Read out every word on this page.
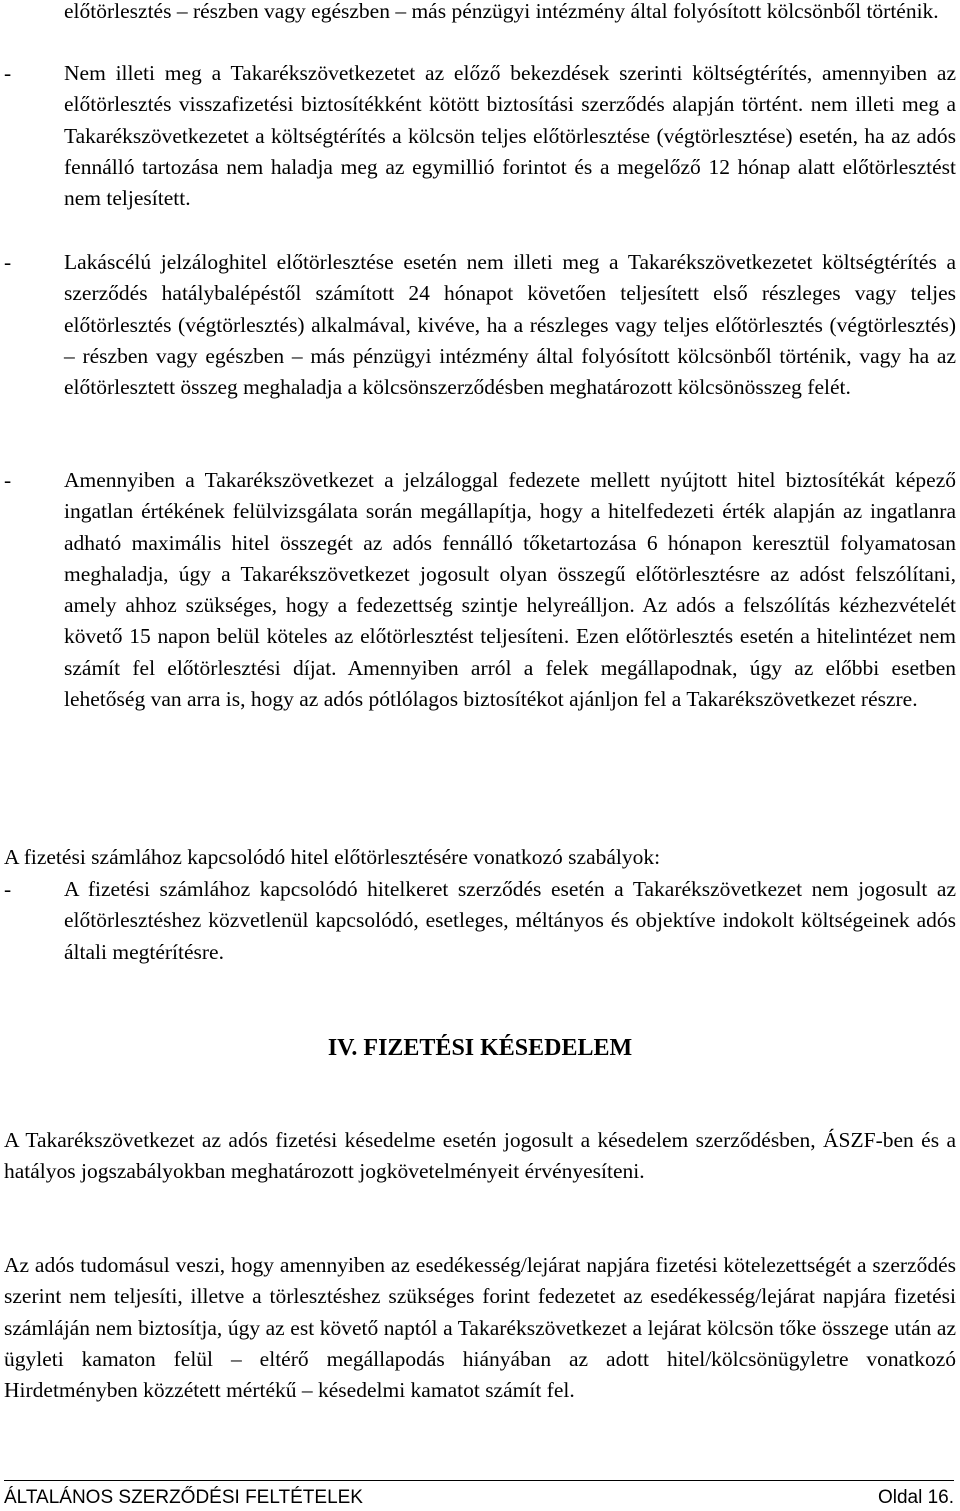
előtörlesztés – részben vagy egészben – más pénzügyi intézmény által folyósított kölcsönből történik.

-	Nem illeti meg a Takarékszövetkezetet az előző bekezdések szerinti költségtérítés, amennyiben az előtörlesztés visszafizetési biztosítékként kötött biztosítási szerződés alapján történt. nem illeti meg a Takarékszövetkezetet a költségtérítés a kölcsön teljes előtörlesztése (végtörlesztése) esetén, ha az adós fennálló tartozása nem haladja meg az egymillió forintot és a megelőző 12 hónap alatt előtörlesztést nem teljesített.
-	Lakáscélú jelzáloghitel előtörlesztése esetén nem illeti meg a Takarékszövetkezetet költségtérítés a szerződés hatálybalépéstől számított 24 hónapot követően teljesített első részleges vagy teljes előtörlesztés (végtörlesztés) alkalmával, kivéve, ha a részleges vagy teljes előtörlesztés (végtörlesztés) – részben vagy egészben – más pénzügyi intézmény által folyósított kölcsönből történik, vagy ha az előtörlesztett összeg meghaladja a kölcsönszerződésben meghatározott kölcsönösszeg felét.
-	Amennyiben a Takarékszövetkezet a jelzáloggal fedezete mellett nyújtott hitel biztosítékát képező ingatlan értékének felülvizsgálata során megállapítja, hogy a hitelfedezeti érték alapján az ingatlanra adható maximális hitel összegét az adós fennálló tőketartozása 6 hónapon keresztül folyamatosan meghaladja, úgy a Takarékszövetkezet jogosult olyan összegű előtörlesztésre az adóst felszólítani, amely ahhoz szükséges, hogy a fedezettség szintje helyreálljon. Az adós a felszólítás kézhezvételét követő 15 napon belül köteles az előtörlesztést teljesíteni. Ezen előtörlesztés esetén a hitelintézet nem számít fel előtörlesztési díjat. Amennyiben arról a felek megállapodnak, úgy az előbbi esetben lehetőség van arra is, hogy az adós pótlólagos biztosítékot ajánljon fel a Takarékszövetkezet részre.

A fizetési számlához kapcsolódó hitel előtörlesztésére vonatkozó szabályok:

-	A fizetési számlához kapcsolódó hitelkeret szerződés esetén a Takarékszövetkezet nem jogosult az előtörlesztéshez közvetlenül kapcsolódó, esetleges, méltányos és objektíve indokolt költségeinek adós általi megtérítésre.
IV. FIZETÉSI KÉSEDELEM

A Takarékszövetkezet az adós fizetési késedelme esetén jogosult a késedelem szerződésben, ÁSZF-ben és a hatályos jogszabályokban meghatározott jogkövetelményeit érvényesíteni.

Az adós tudomásul veszi, hogy amennyiben az esedékesség/lejárat napjára fizetési kötelezettségét a szerződés szerint nem teljesíti, illetve a törlesztéshez szükséges forint fedezetet az esedékesség/lejárat napjára fizetési számláján nem biztosítja, úgy az est követő naptól a Takarékszövetkezet a lejárat kölcsön tőke összege után az ügyleti kamaton felül – eltérő megállapodás hiányában az adott hitel/kölcsönügyletre vonatkozó Hirdetményben közzétett mértékű – késedelmi kamatot számít fel.

ÁLTALÁNOS SZERZŐDÉSI FELTÉTELEK	Oldal 16.
